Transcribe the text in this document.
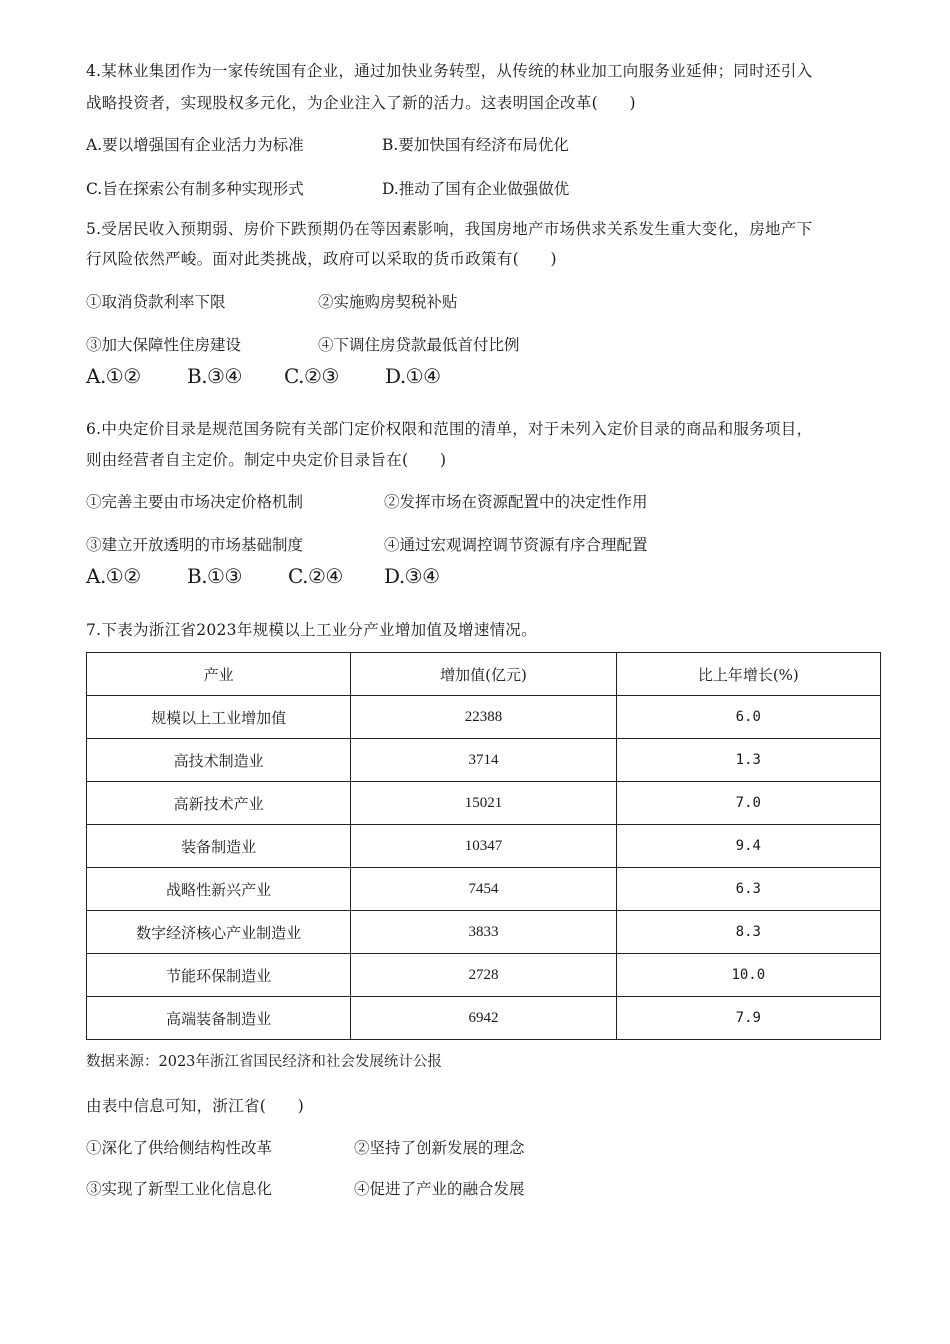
4.某林业集团作为一家传统国有企业，通过加快业务转型，从传统的林业加工向服务业延伸；同时还引入
战略投资者，实现股权多元化，为企业注入了新的活力。这表明国企改革(　　)
A.要以增强国有企业活力为标准	B.要加快国有经济布局优化
C.旨在探索公有制多种实现形式	D.推动了国有企业做强做优
5.受居民收入预期弱、房价下跌预期仍在等因素影响，我国房地产市场供求关系发生重大变化，房地产下
行风险依然严峻。面对此类挑战，政府可以采取的货币政策有(　　)
①取消贷款利率下限	②实施购房契税补贴
③加大保障性住房建设	④下调住房贷款最低首付比例
A.①② B.③④ C.②③ D.①④
6.中央定价目录是规范国务院有关部门定价权限和范围的清单，对于未列入定价目录的商品和服务项目，
则由经营者自主定价。制定中央定价目录旨在(　　)
①完善主要由市场决定价格机制	②发挥市场在资源配置中的决定性作用
③建立开放透明的市场基础制度	④通过宏观调控调节资源有序合理配置
A.①② B.①③ C.②④ D.③④
7.下表为浙江省2023年规模以上工业分产业增加值及增速情况。
产业	增加值(亿元)	比上年增长(%)
规模以上工业增加值	22388	6.0
高技术制造业	3714	1.3
高新技术产业	15021	7.0
装备制造业	10347	9.4
战略性新兴产业	7454	6.3
数字经济核心产业制造业	3833	8.3
节能环保制造业	2728	10.0
高端装备制造业	6942	7.9
数据来源：2023年浙江省国民经济和社会发展统计公报
由表中信息可知，浙江省(　　)
①深化了供给侧结构性改革	②坚持了创新发展的理念
③实现了新型工业化信息化	④促进了产业的融合发展
